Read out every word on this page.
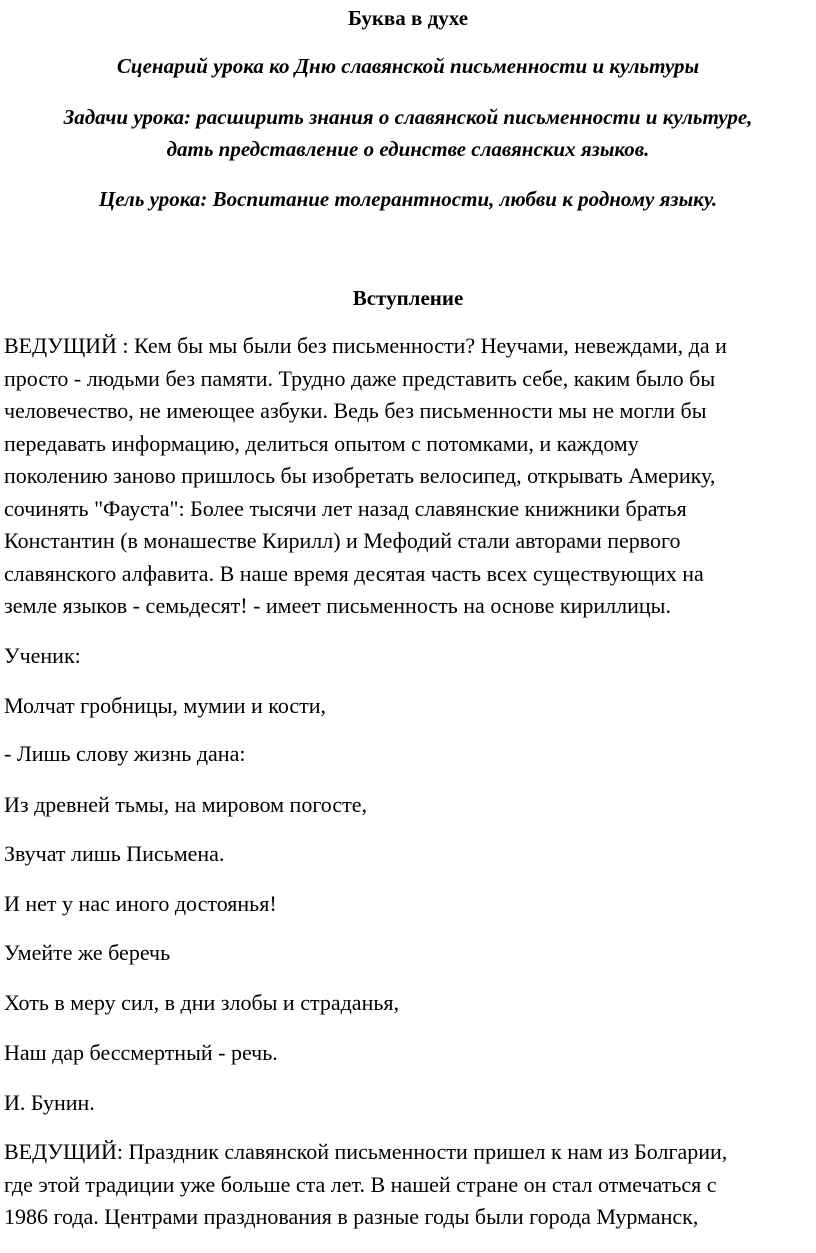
Буква в духе
Сценарий урока ко Дню славянской письменности и культуры
Задачи урока: расширить знания о славянской письменности и культуре,
дать представление о единстве славянских языков.
Цель урока: Воспитание толерантности, любви к родному языку.
Вступление
ВЕДУЩИЙ : Кем бы мы были без письменности? Неучами, невеждами, да и
просто - людьми без памяти. Трудно даже представить себе, каким было бы
человечество, не имеющее азбуки. Ведь без письменности мы не могли бы
передавать информацию, делиться опытом с потомками, и каждому
поколению заново пришлось бы изобретать велосипед, открывать Америку,
сочинять "Фауста": Более тысячи лет назад славянские книжники братья
Константин (в монашестве Кирилл) и Мефодий стали авторами первого
славянского алфавита. В наше время десятая часть всех существующих на
земле языков - семьдесят! - имеет письменность на основе кириллицы.
Ученик:
Молчат гробницы, мумии и кости,
- Лишь слову жизнь дана:
Из древней тьмы, на мировом погосте,
Звучат лишь Письмена.
И нет у нас иного достоянья!
Умейте же беречь
Хоть в меру сил, в дни злобы и страданья,
Наш дар бессмертный - речь.
И. Бунин.
ВЕДУЩИЙ: Праздник славянской письменности пришел к нам из Болгарии,
где этой традиции уже больше ста лет. В нашей стране он стал отмечаться с
1986 года. Центрами празднования в разные годы были города Мурманск,
